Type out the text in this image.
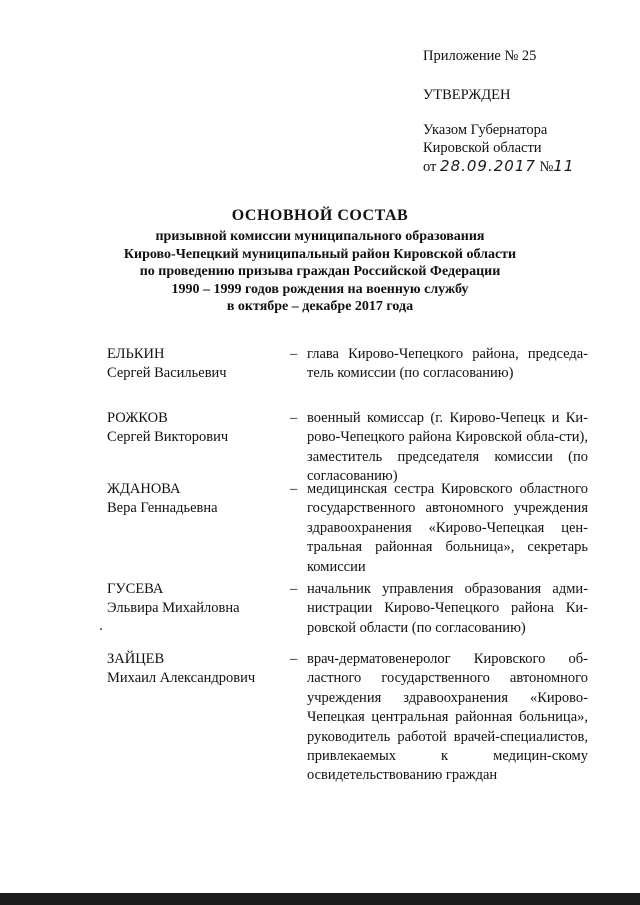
Приложение № 25
УТВЕРЖДЕН
Указом Губернатора
Кировской области
от 28.09.2017 №11
ОСНОВНОЙ СОСТАВ
призывной комиссии муниципального образования
Кирово-Чепецкий муниципальный район Кировской области
по проведению призыва граждан Российской Федерации
1990 – 1999 годов рождения на военную службу
в октябре – декабре 2017 года
ЕЛЬКИН
Сергей Васильевич
– глава Кирово-Чепецкого района, председа-тель комиссии (по согласованию)
РОЖКОВ
Сергей Викторович
– военный комиссар (г. Кирово-Чепецк и Ки-рово-Чепецкого района Кировской обла-сти), заместитель председателя комиссии (по согласованию)
ЖДАНОВА
Вера Геннадьевна
– медицинская сестра Кировского областного государственного автономного учреждения здравоохранения «Кирово-Чепецкая цен-тральная районная больница», секретарь комиссии
ГУСЕВА
Эльвира Михайловна
– начальник управления образования адми-нистрации Кирово-Чепецкого района Ки-ровской области (по согласованию)
ЗАЙЦЕВ
Михаил Александрович
– врач-дерматовенеролог Кировского об-ластного государственного автономного учреждения здравоохранения «Кирово-Чепецкая центральная районная больница», руководитель работой врачей-специалистов, привлекаемых к медицин-скому освидетельствованию граждан
